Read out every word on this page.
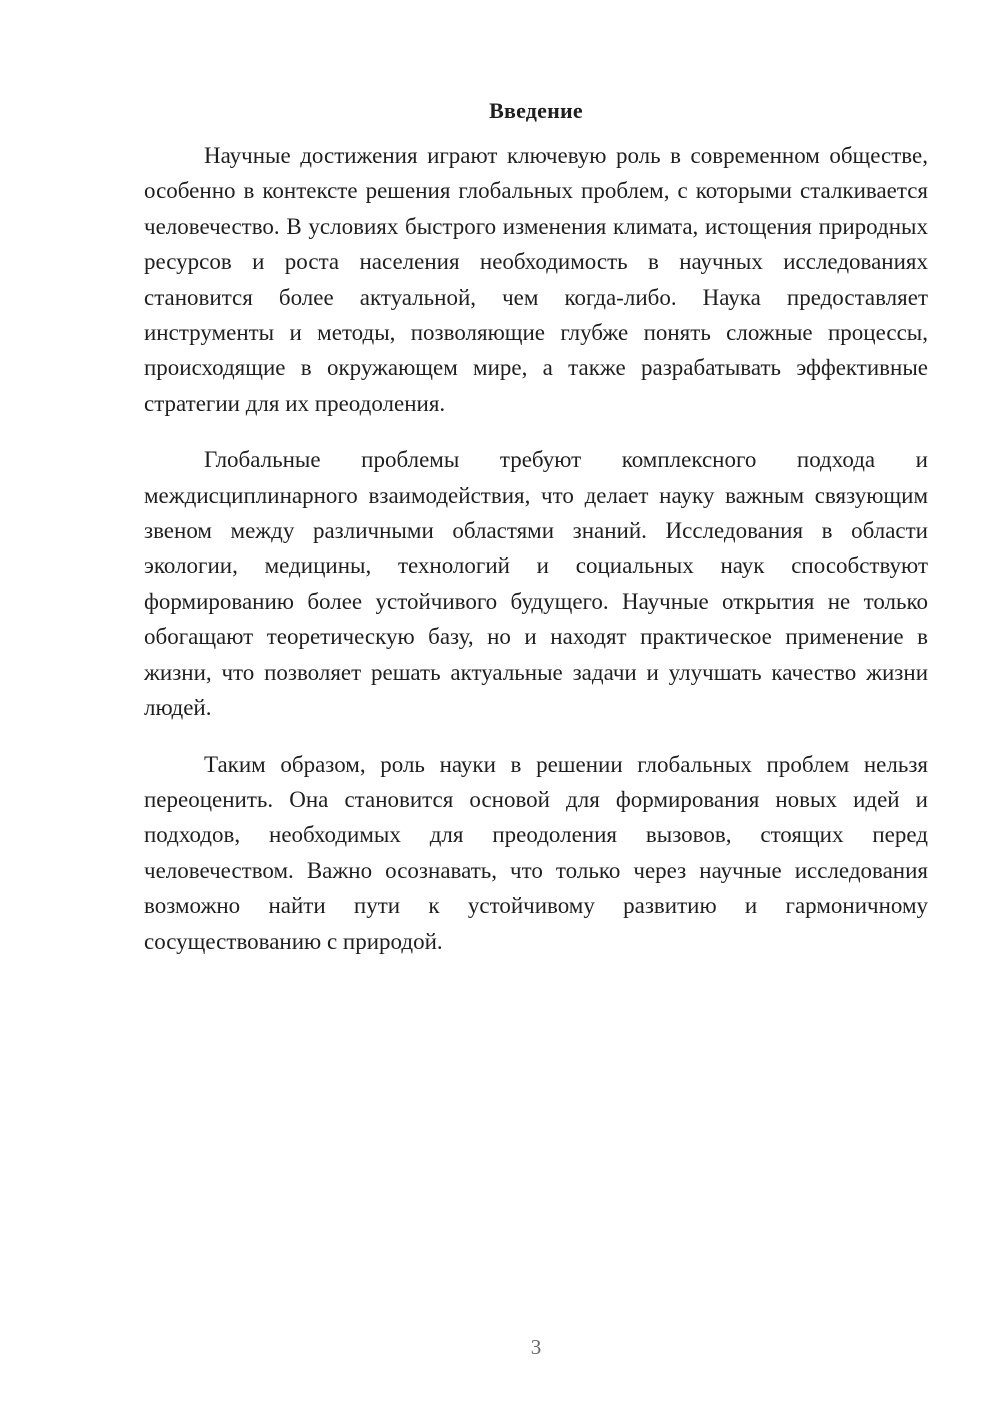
Введение

Научные достижения играют ключевую роль в современном обществе, особенно в контексте решения глобальных проблем, с которыми сталкивается человечество. В условиях быстрого изменения климата, истощения природных ресурсов и роста населения необходимость в научных исследованиях становится более актуальной, чем когда-либо. Наука предоставляет инструменты и методы, позволяющие глубже понять сложные процессы, происходящие в окружающем мире, а также разрабатывать эффективные стратегии для их преодоления.

Глобальные проблемы требуют комплексного подхода и междисциплинарного взаимодействия, что делает науку важным связующим звеном между различными областями знаний. Исследования в области экологии, медицины, технологий и социальных наук способствуют формированию более устойчивого будущего. Научные открытия не только обогащают теоретическую базу, но и находят практическое применение в жизни, что позволяет решать актуальные задачи и улучшать качество жизни людей.

Таким образом, роль науки в решении глобальных проблем нельзя переоценить. Она становится основой для формирования новых идей и подходов, необходимых для преодоления вызовов, стоящих перед человечеством. Важно осознавать, что только через научные исследования возможно найти пути к устойчивому развитию и гармоничному сосуществованию с природой.

3
